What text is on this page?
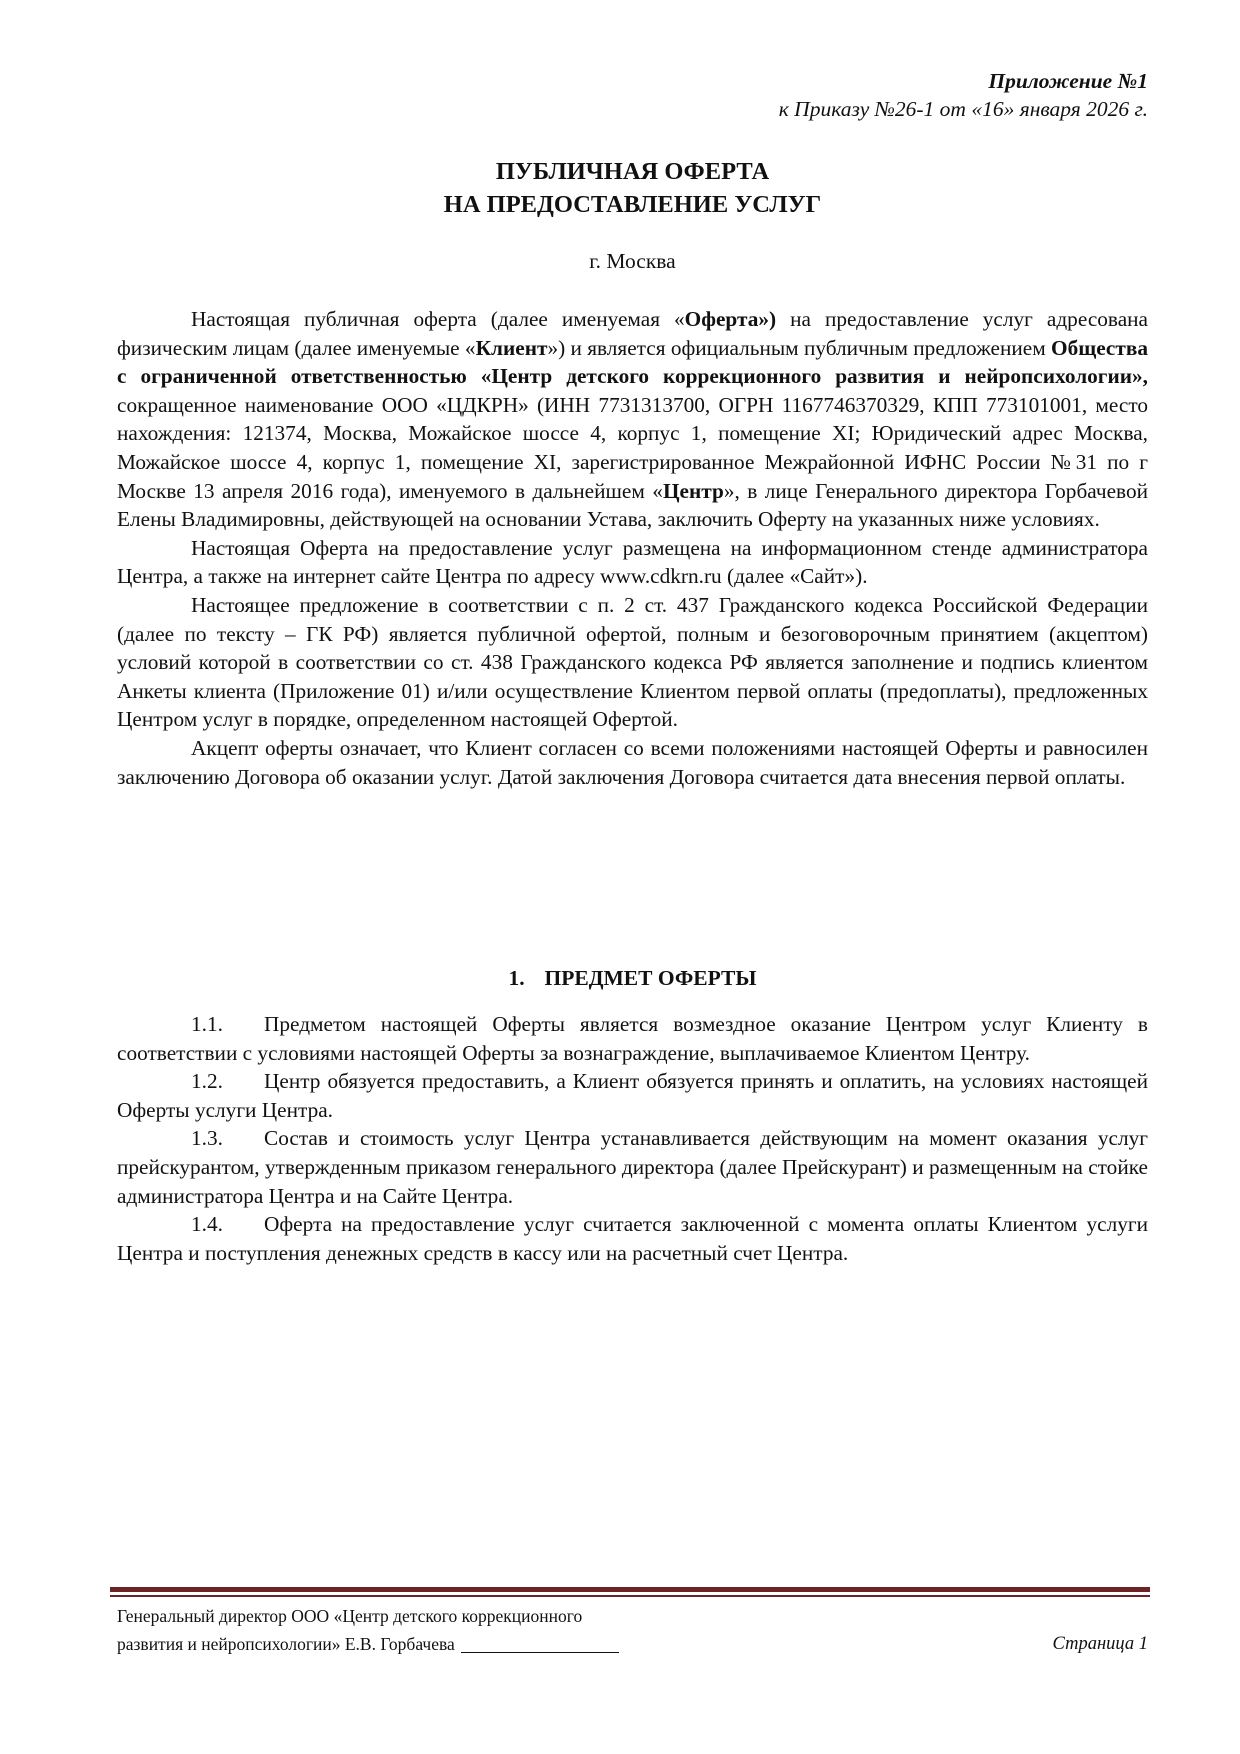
Приложение №1
к Приказу №26-1 от «16» января 2026 г.
ПУБЛИЧНАЯ ОФЕРТА
НА ПРЕДОСТАВЛЕНИЕ УСЛУГ
г. Москва

Настоящая публичная оферта (далее именуемая «Оферта») на предоставление услуг адресована физическим лицам (далее именуемые «Клиент») и является официальным публичным предложением Общества с ограниченной ответственностью «Центр детского коррекционного развития и нейропсихологии», сокращенное наименование ООО «ЦДКРН» (ИНН 7731313700, ОГРН 1167746370329, КПП 773101001, место нахождения: 121374, Москва, Можайское шоссе 4, корпус 1, помещение XI; Юридический адрес Москва, Можайское шоссе 4, корпус 1, помещение XI, зарегистрированное Межрайонной ИФНС России №31 по г Москве 13 апреля 2016 года), именуемого в дальнейшем «Центр», в лице Генерального директора Горбачевой Елены Владимировны, действующей на основании Устава, заключить Оферту на указанных ниже условиях.

Настоящая Оферта на предоставление услуг размещена на информационном стенде администратора Центра, а также на интернет сайте Центра по адресу www.cdkrn.ru (далее «Сайт»).

Настоящее предложение в соответствии с п. 2 ст. 437 Гражданского кодекса Российской Федерации (далее по тексту – ГК РФ) является публичной офертой, полным и безоговорочным принятием (акцептом) условий которой в соответствии со ст. 438 Гражданского кодекса РФ является заполнение и подпись клиентом Анкеты клиента (Приложение 01) и/или осуществление Клиентом первой оплаты (предоплаты), предложенных Центром услуг в порядке, определенном настоящей Офертой.

Акцепт оферты означает, что Клиент согласен со всеми положениями настоящей Оферты и равносилен заключению Договора об оказании услуг. Датой заключения Договора считается дата внесения первой оплаты.

1. ПРЕДМЕТ ОФЕРТЫ

1.1. Предметом настоящей Оферты является возмездное оказание Центром услуг Клиенту в соответствии с условиями настоящей Оферты за вознаграждение, выплачиваемое Клиентом Центру.

1.2. Центр обязуется предоставить, а Клиент обязуется принять и оплатить, на условиях настоящей Оферты услуги Центра.

1.3. Состав и стоимость услуг Центра устанавливается действующим на момент оказания услуг прейскурантом, утвержденным приказом генерального директора (далее Прейскурант) и размещенным на стойке администратора Центра и на Сайте Центра.

1.4. Оферта на предоставление услуг считается заключенной с момента оплаты Клиентом услуги Центра и поступления денежных средств в кассу или на расчетный счет Центра.

Генеральный директор ООО «Центр детского коррекционного
развития и нейропсихологии» Е.В. Горбачева	Страница 1
